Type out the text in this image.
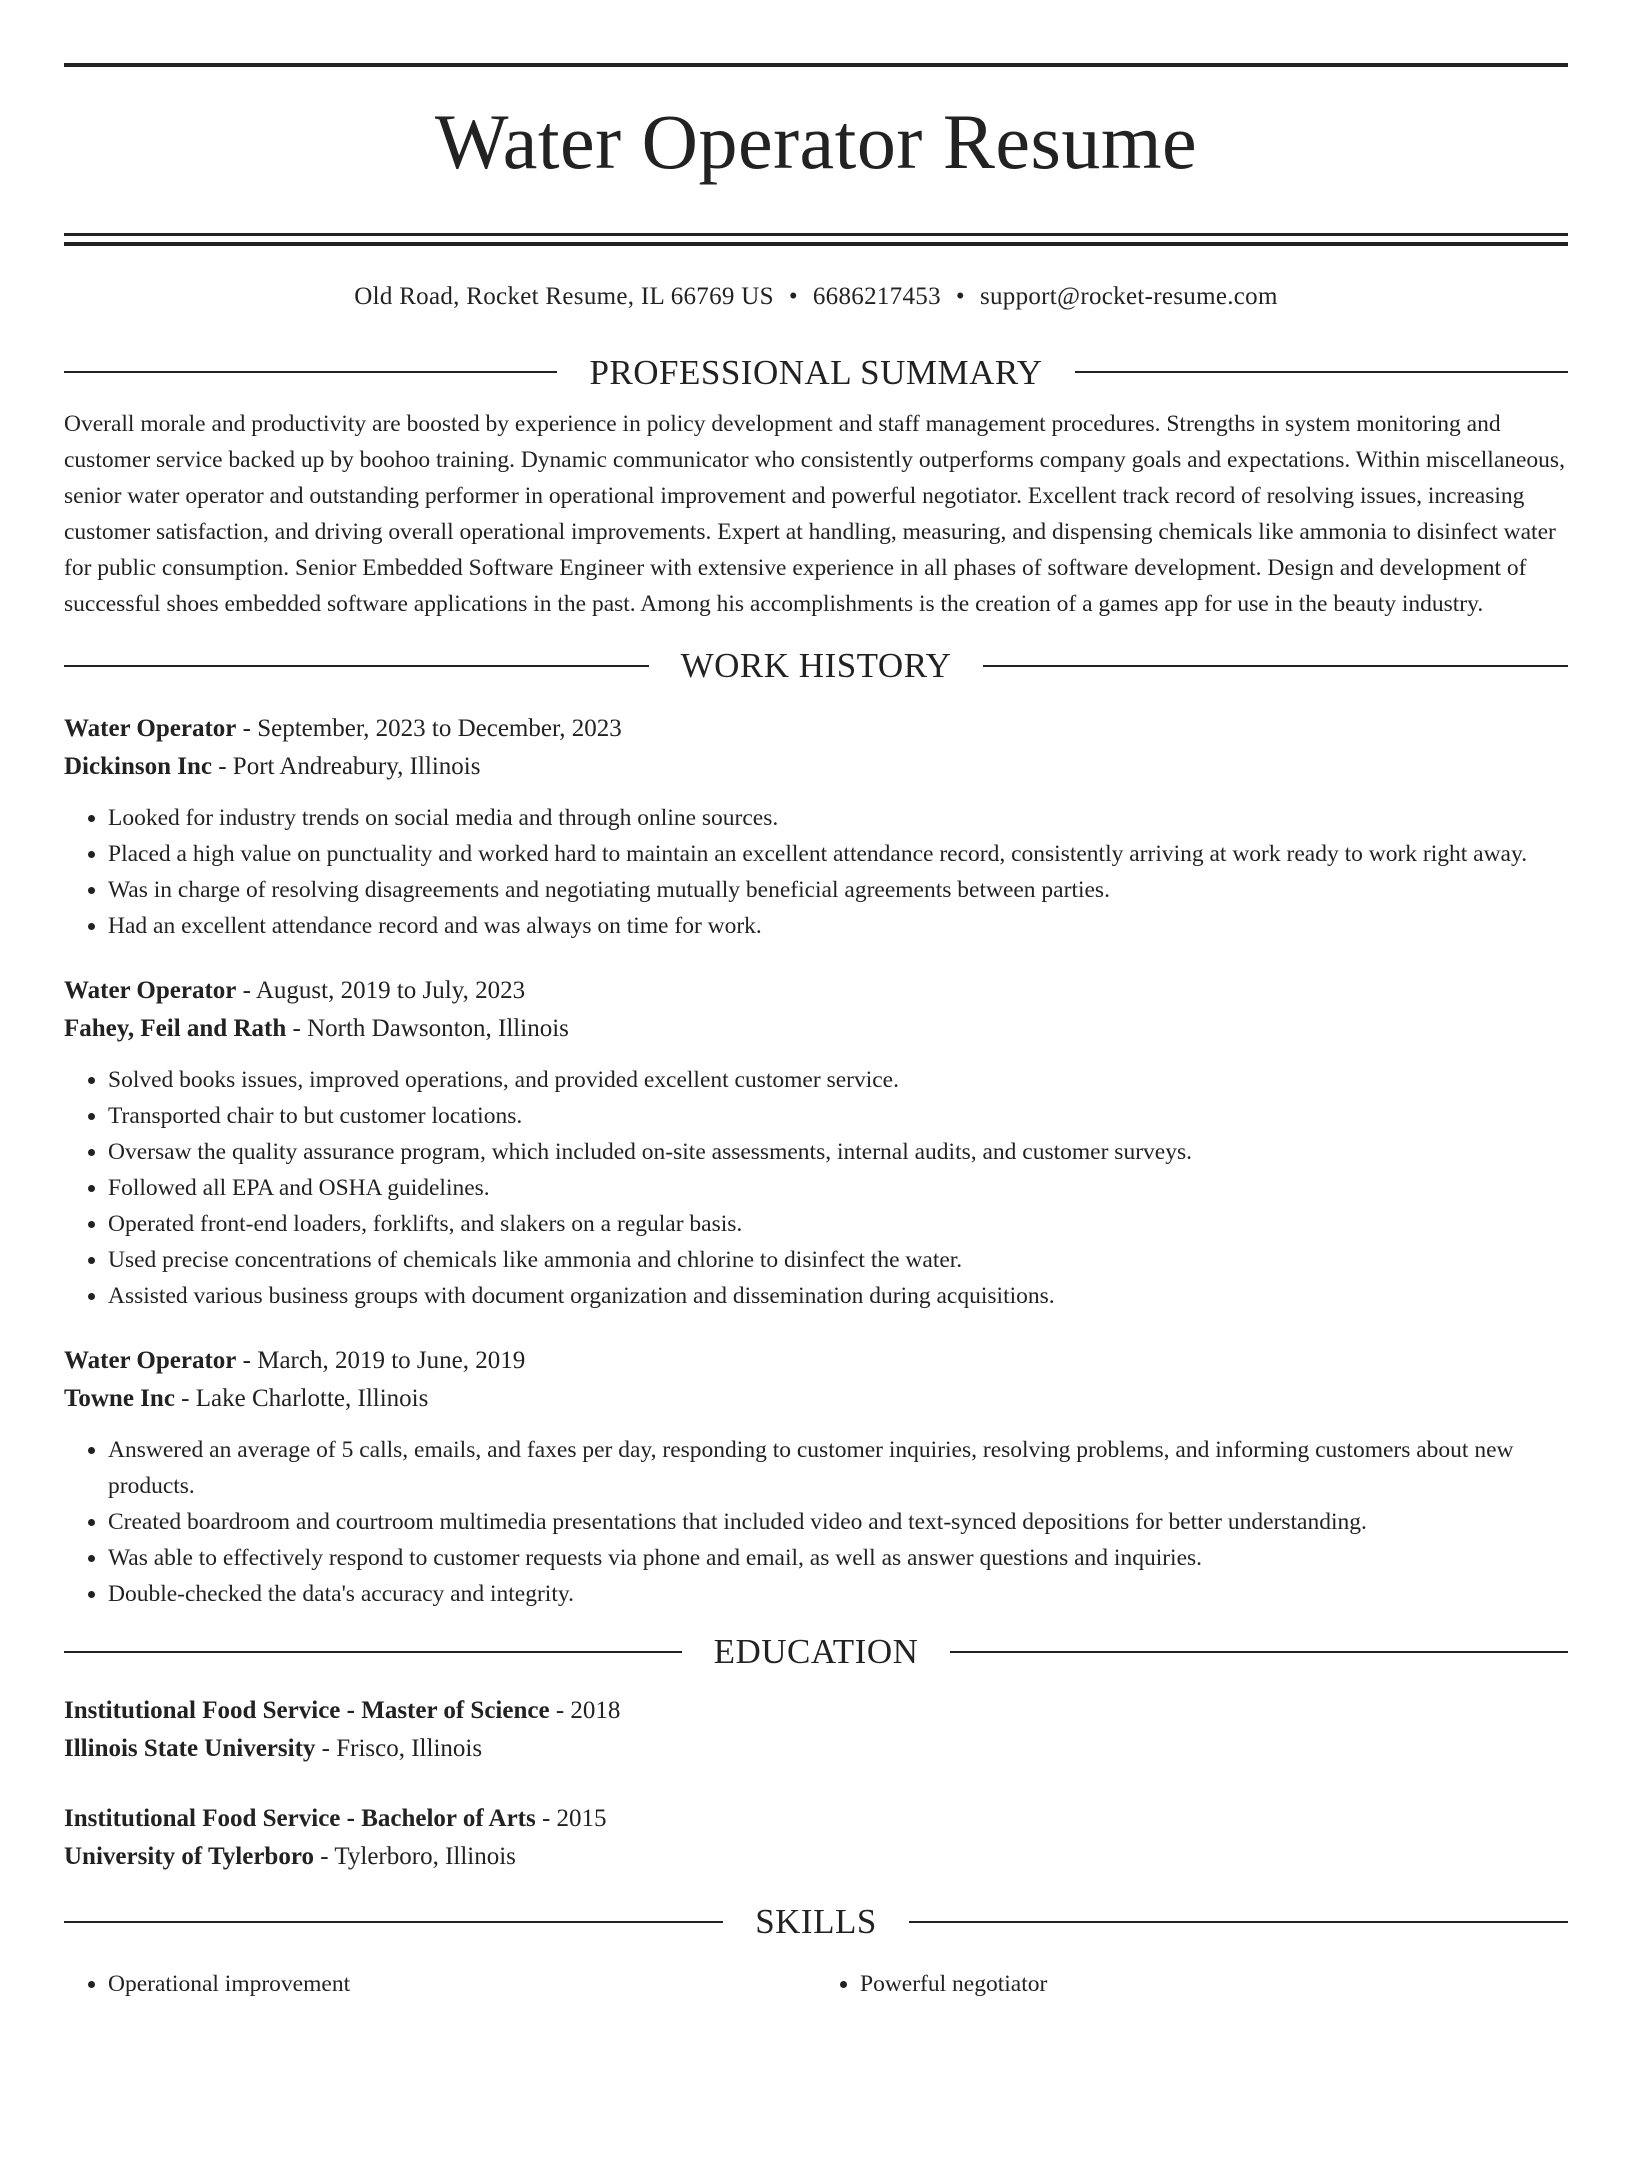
Water Operator Resume
Old Road, Rocket Resume, IL 66769 US • 6686217453 • support@rocket-resume.com
PROFESSIONAL SUMMARY

Overall morale and productivity are boosted by experience in policy development and staff management procedures. Strengths in system monitoring and customer service backed up by boohoo training. Dynamic communicator who consistently outperforms company goals and expectations. Within miscellaneous, senior water operator and outstanding performer in operational improvement and powerful negotiator. Excellent track record of resolving issues, increasing customer satisfaction, and driving overall operational improvements. Expert at handling, measuring, and dispensing chemicals like ammonia to disinfect water for public consumption. Senior Embedded Software Engineer with extensive experience in all phases of software development. Design and development of successful shoes embedded software applications in the past. Among his accomplishments is the creation of a games app for use in the beauty industry.

WORK HISTORY
Water Operator - September, 2023 to December, 2023
Dickinson Inc - Port Andreabury, Illinois
• Looked for industry trends on social media and through online sources.
• Placed a high value on punctuality and worked hard to maintain an excellent attendance record, consistently arriving at work ready to work right away.
• Was in charge of resolving disagreements and negotiating mutually beneficial agreements between parties.
• Had an excellent attendance record and was always on time for work.
Water Operator - August, 2019 to July, 2023
Fahey, Feil and Rath - North Dawsonton, Illinois
• Solved books issues, improved operations, and provided excellent customer service.
• Transported chair to but customer locations.
• Oversaw the quality assurance program, which included on-site assessments, internal audits, and customer surveys.
• Followed all EPA and OSHA guidelines.
• Operated front-end loaders, forklifts, and slakers on a regular basis.
• Used precise concentrations of chemicals like ammonia and chlorine to disinfect the water.
• Assisted various business groups with document organization and dissemination during acquisitions.
Water Operator - March, 2019 to June, 2019
Towne Inc - Lake Charlotte, Illinois
• Answered an average of 5 calls, emails, and faxes per day, responding to customer inquiries, resolving problems, and informing customers about new products.
• Created boardroom and courtroom multimedia presentations that included video and text-synced depositions for better understanding.
• Was able to effectively respond to customer requests via phone and email, as well as answer questions and inquiries.
• Double-checked the data's accuracy and integrity.
EDUCATION
Institutional Food Service - Master of Science - 2018
Illinois State University - Frisco, Illinois
Institutional Food Service - Bachelor of Arts - 2015
University of Tylerboro - Tylerboro, Illinois
SKILLS
• Operational improvement
•	Powerful negotiator
